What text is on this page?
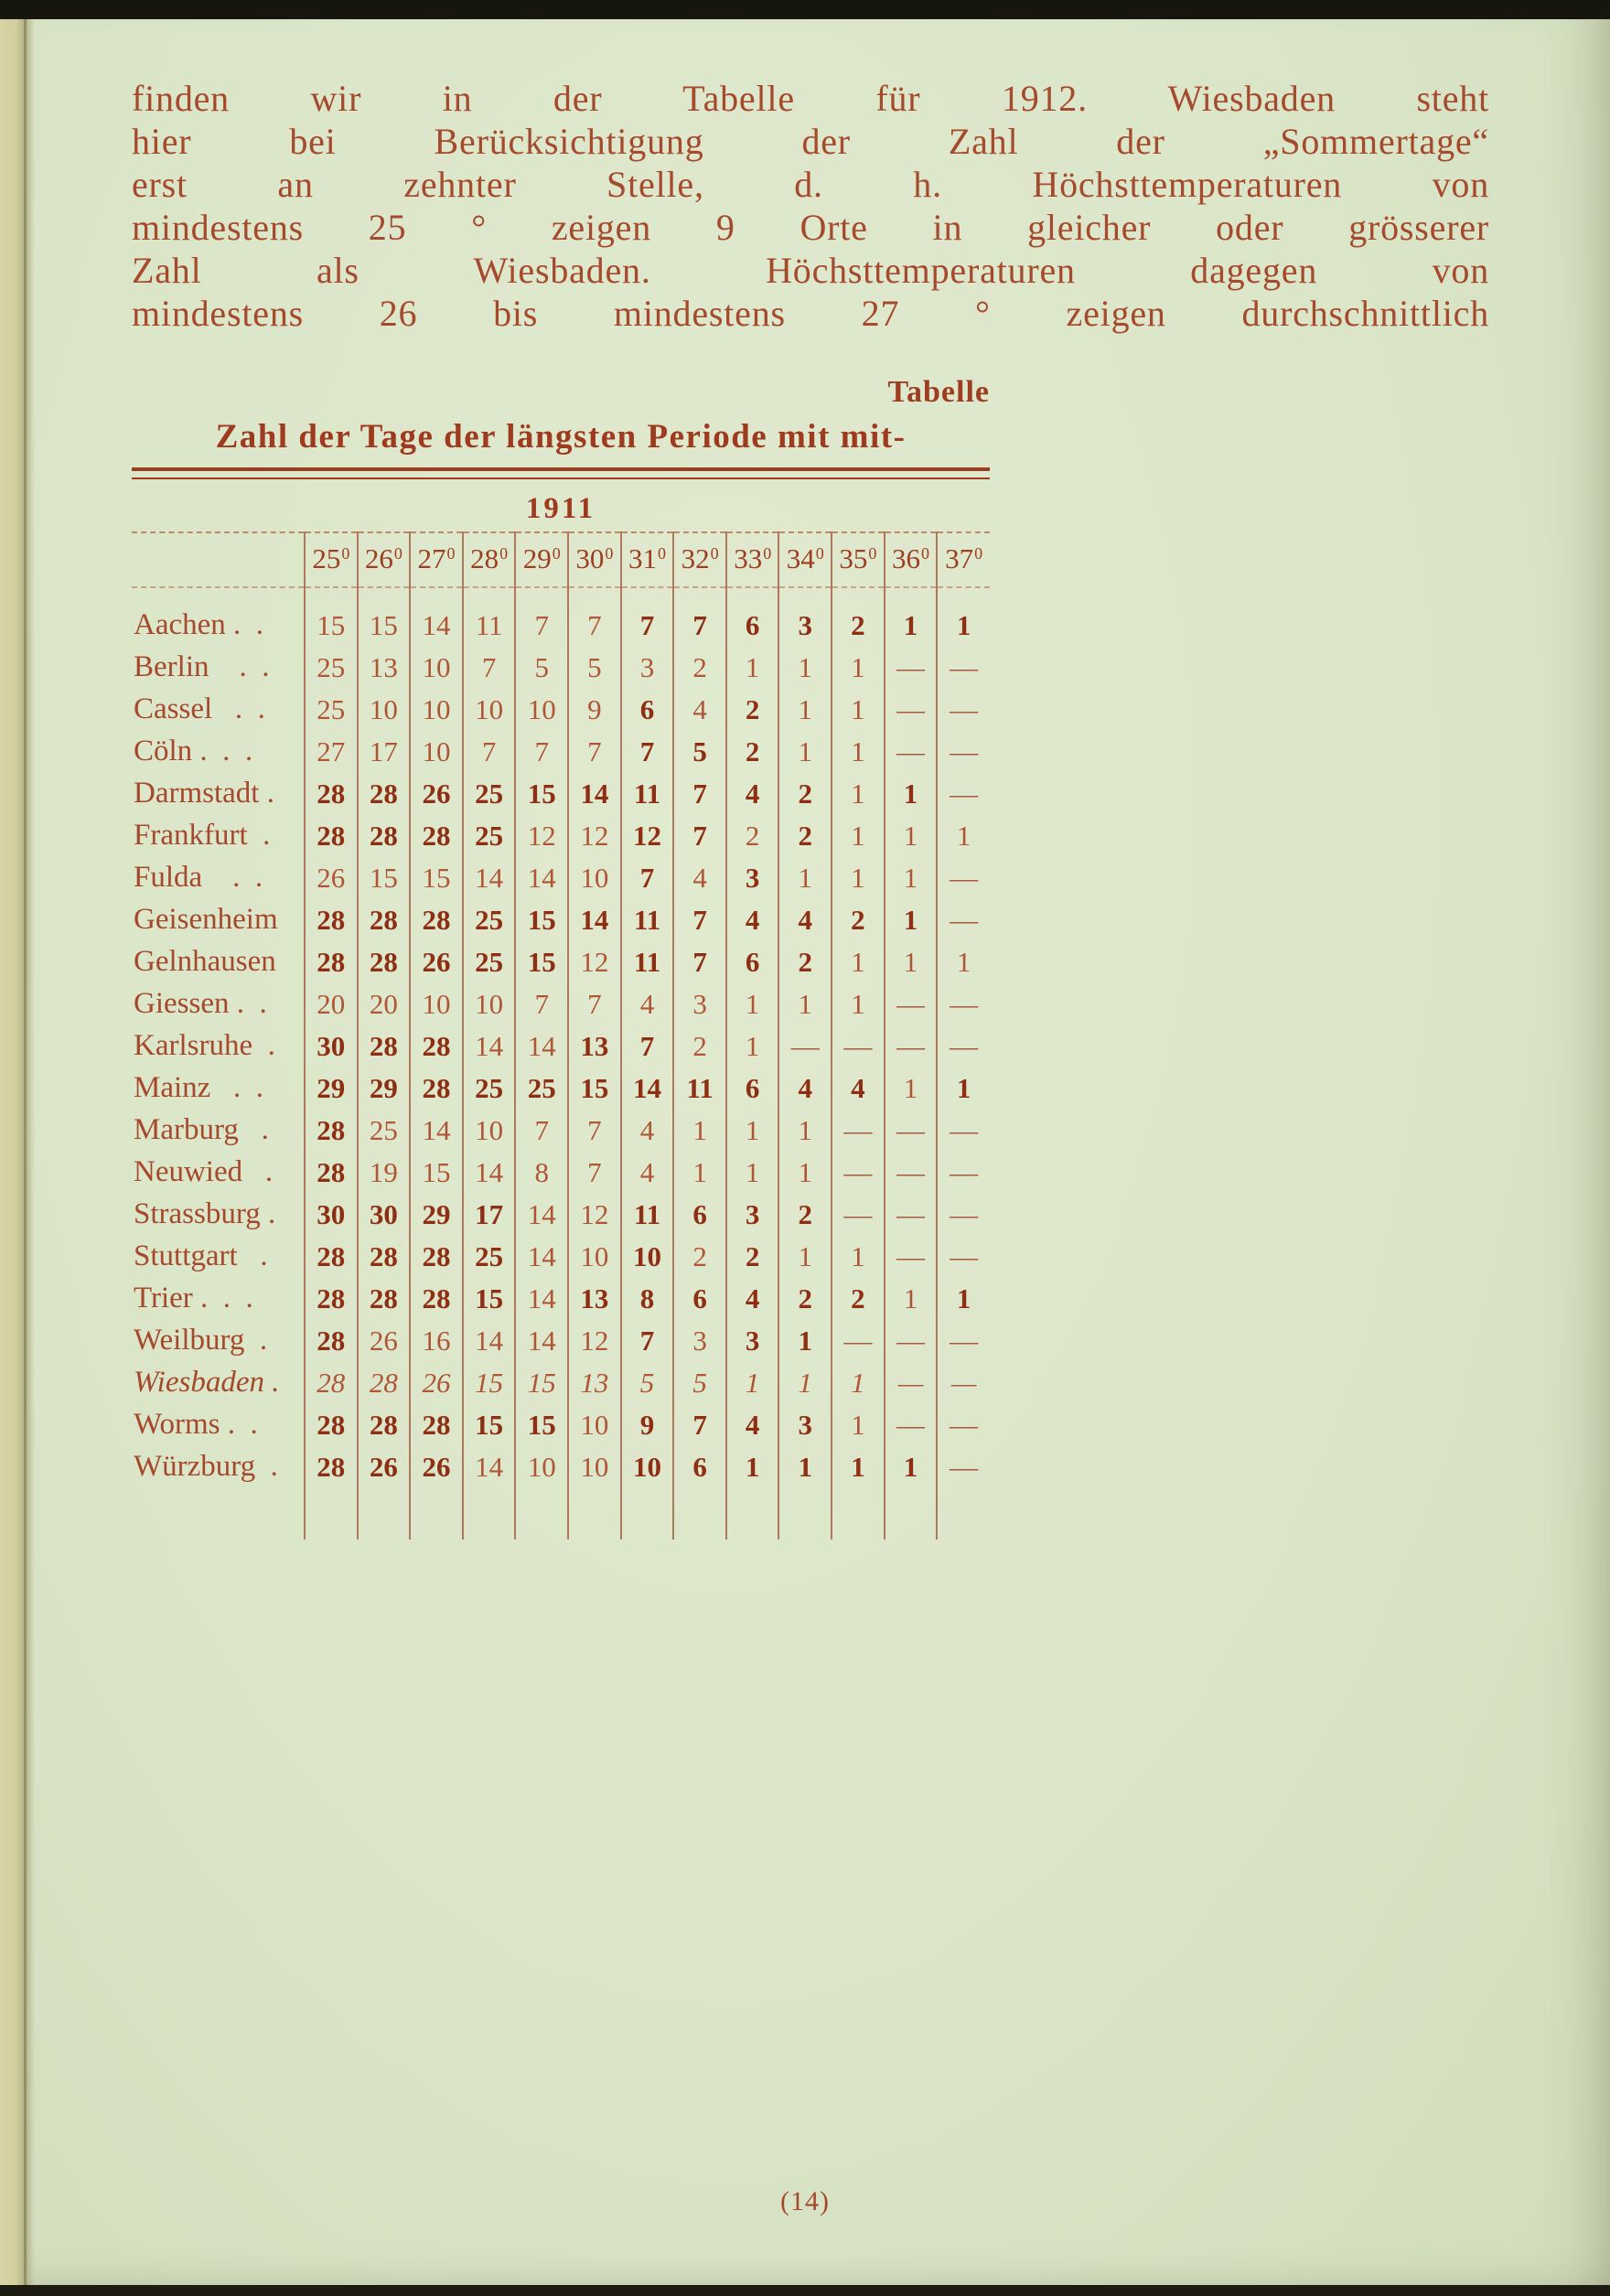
finden wir in der Tabelle für 1912. Wiesbaden steht
hier bei Berücksichtigung der Zahl der „Sommertage“
erst an zehnter Stelle, d. h. Höchsttemperaturen von
mindestens 25 ° zeigen 9 Orte in gleicher oder grösserer
Zahl als Wiesbaden. Höchsttemperaturen dagegen von
mindestens 26 bis mindestens 27 ° zeigen durchschnittlich
Tabelle
Zahl der Tage der längsten Periode mit mit-
1911
	$25^0$	$26^0$	$27^0$	$28^0$	$29^0$	$30^0$	$31^0$	$32^0$	$33^0$	$34^0$	$35^0$	$36^0$	$37^0$
Aachen .  .	15	15	14	11	7	7	7	7	6	3	2	1	1
Berlin    .  .	25	13	10	7	5	5	3	2	1	1	1	—	—
Cassel   .  .	25	10	10	10	10	9	6	4	2	1	1	—	—
Cöln .  .  .	27	17	10	7	7	7	7	5	2	1	1	—	—
Darmstadt .	28	28	26	25	15	14	11	7	4	2	1	1	—
Frankfurt  .	28	28	28	25	12	12	12	7	2	2	1	1	1
Fulda    .  .	26	15	15	14	14	10	7	4	3	1	1	1	—
Geisenheim	28	28	28	25	15	14	11	7	4	4	2	1	—
Gelnhausen	28	28	26	25	15	12	11	7	6	2	1	1	1
Giessen .  .	20	20	10	10	7	7	4	3	1	1	1	—	—
Karlsruhe  .	30	28	28	14	14	13	7	2	1	—	—	—	—
Mainz   .  .	29	29	28	25	25	15	14	11	6	4	4	1	1
Marburg   .	28	25	14	10	7	7	4	1	1	1	—	—	—
Neuwied   .	28	19	15	14	8	7	4	1	1	1	—	—	—
Strassburg .	30	30	29	17	14	12	11	6	3	2	—	—	—
Stuttgart   .	28	28	28	25	14	10	10	2	2	1	1	—	—
Trier .  .  .	28	28	28	15	14	13	8	6	4	2	2	1	1
Weilburg  .	28	26	16	14	14	12	7	3	3	1	—	—	—
Wiesbaden .	28	28	26	15	15	13	5	5	1	1	1	—	—
Worms .  .	28	28	28	15	15	10	9	7	4	3	1	—	—
Würzburg  .	28	26	26	14	10	10	10	6	1	1	1	1	—

(14)
